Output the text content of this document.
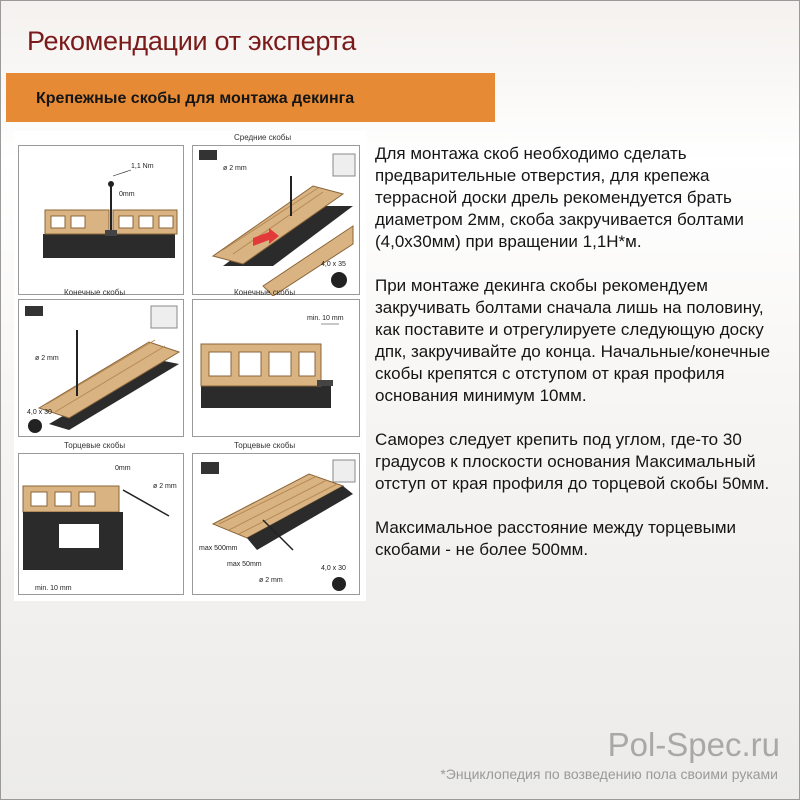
Рекомендации от эксперта
Крепежные скобы для монтажа декинга
Средние скобы
1,1 Nm
0mm
ø 2 mm
4,0 x 35
Конечные скобы	Конечные скобы
ø 2 mm
4,0 x 30
min. 10 mm
Торцевые скобы	Торцевые скобы
0mm
ø 2 mm
min. 10 mm
max 500mm
max 50mm
ø 2 mm
4,0 x 30

Для монтажа скоб необходимо сделать предварительные отверстия, для крепежа террасной доски дрель рекомендуется брать диаметром 2мм, скоба закручивается болтами (4,0х30мм) при вращении 1,1Н*м.

При монтаже декинга скобы рекомендуем закручивать болтами сначала лишь на половину, как поставите и отрегулируете следующую доску дпк, закручивайте до конца. Начальные/конечные скобы крепятся с отступом от края профиля основания минимум 10мм.

Саморез следует крепить под углом, где-то 30 градусов к плоскости основания Максимальный отступ от края профиля до торцевой скобы 50мм.

Максимальное расстояние между торцевыми скобами - не более 500мм.

Pol-Spec.ru
*Энциклопедия по возведению пола своими руками
